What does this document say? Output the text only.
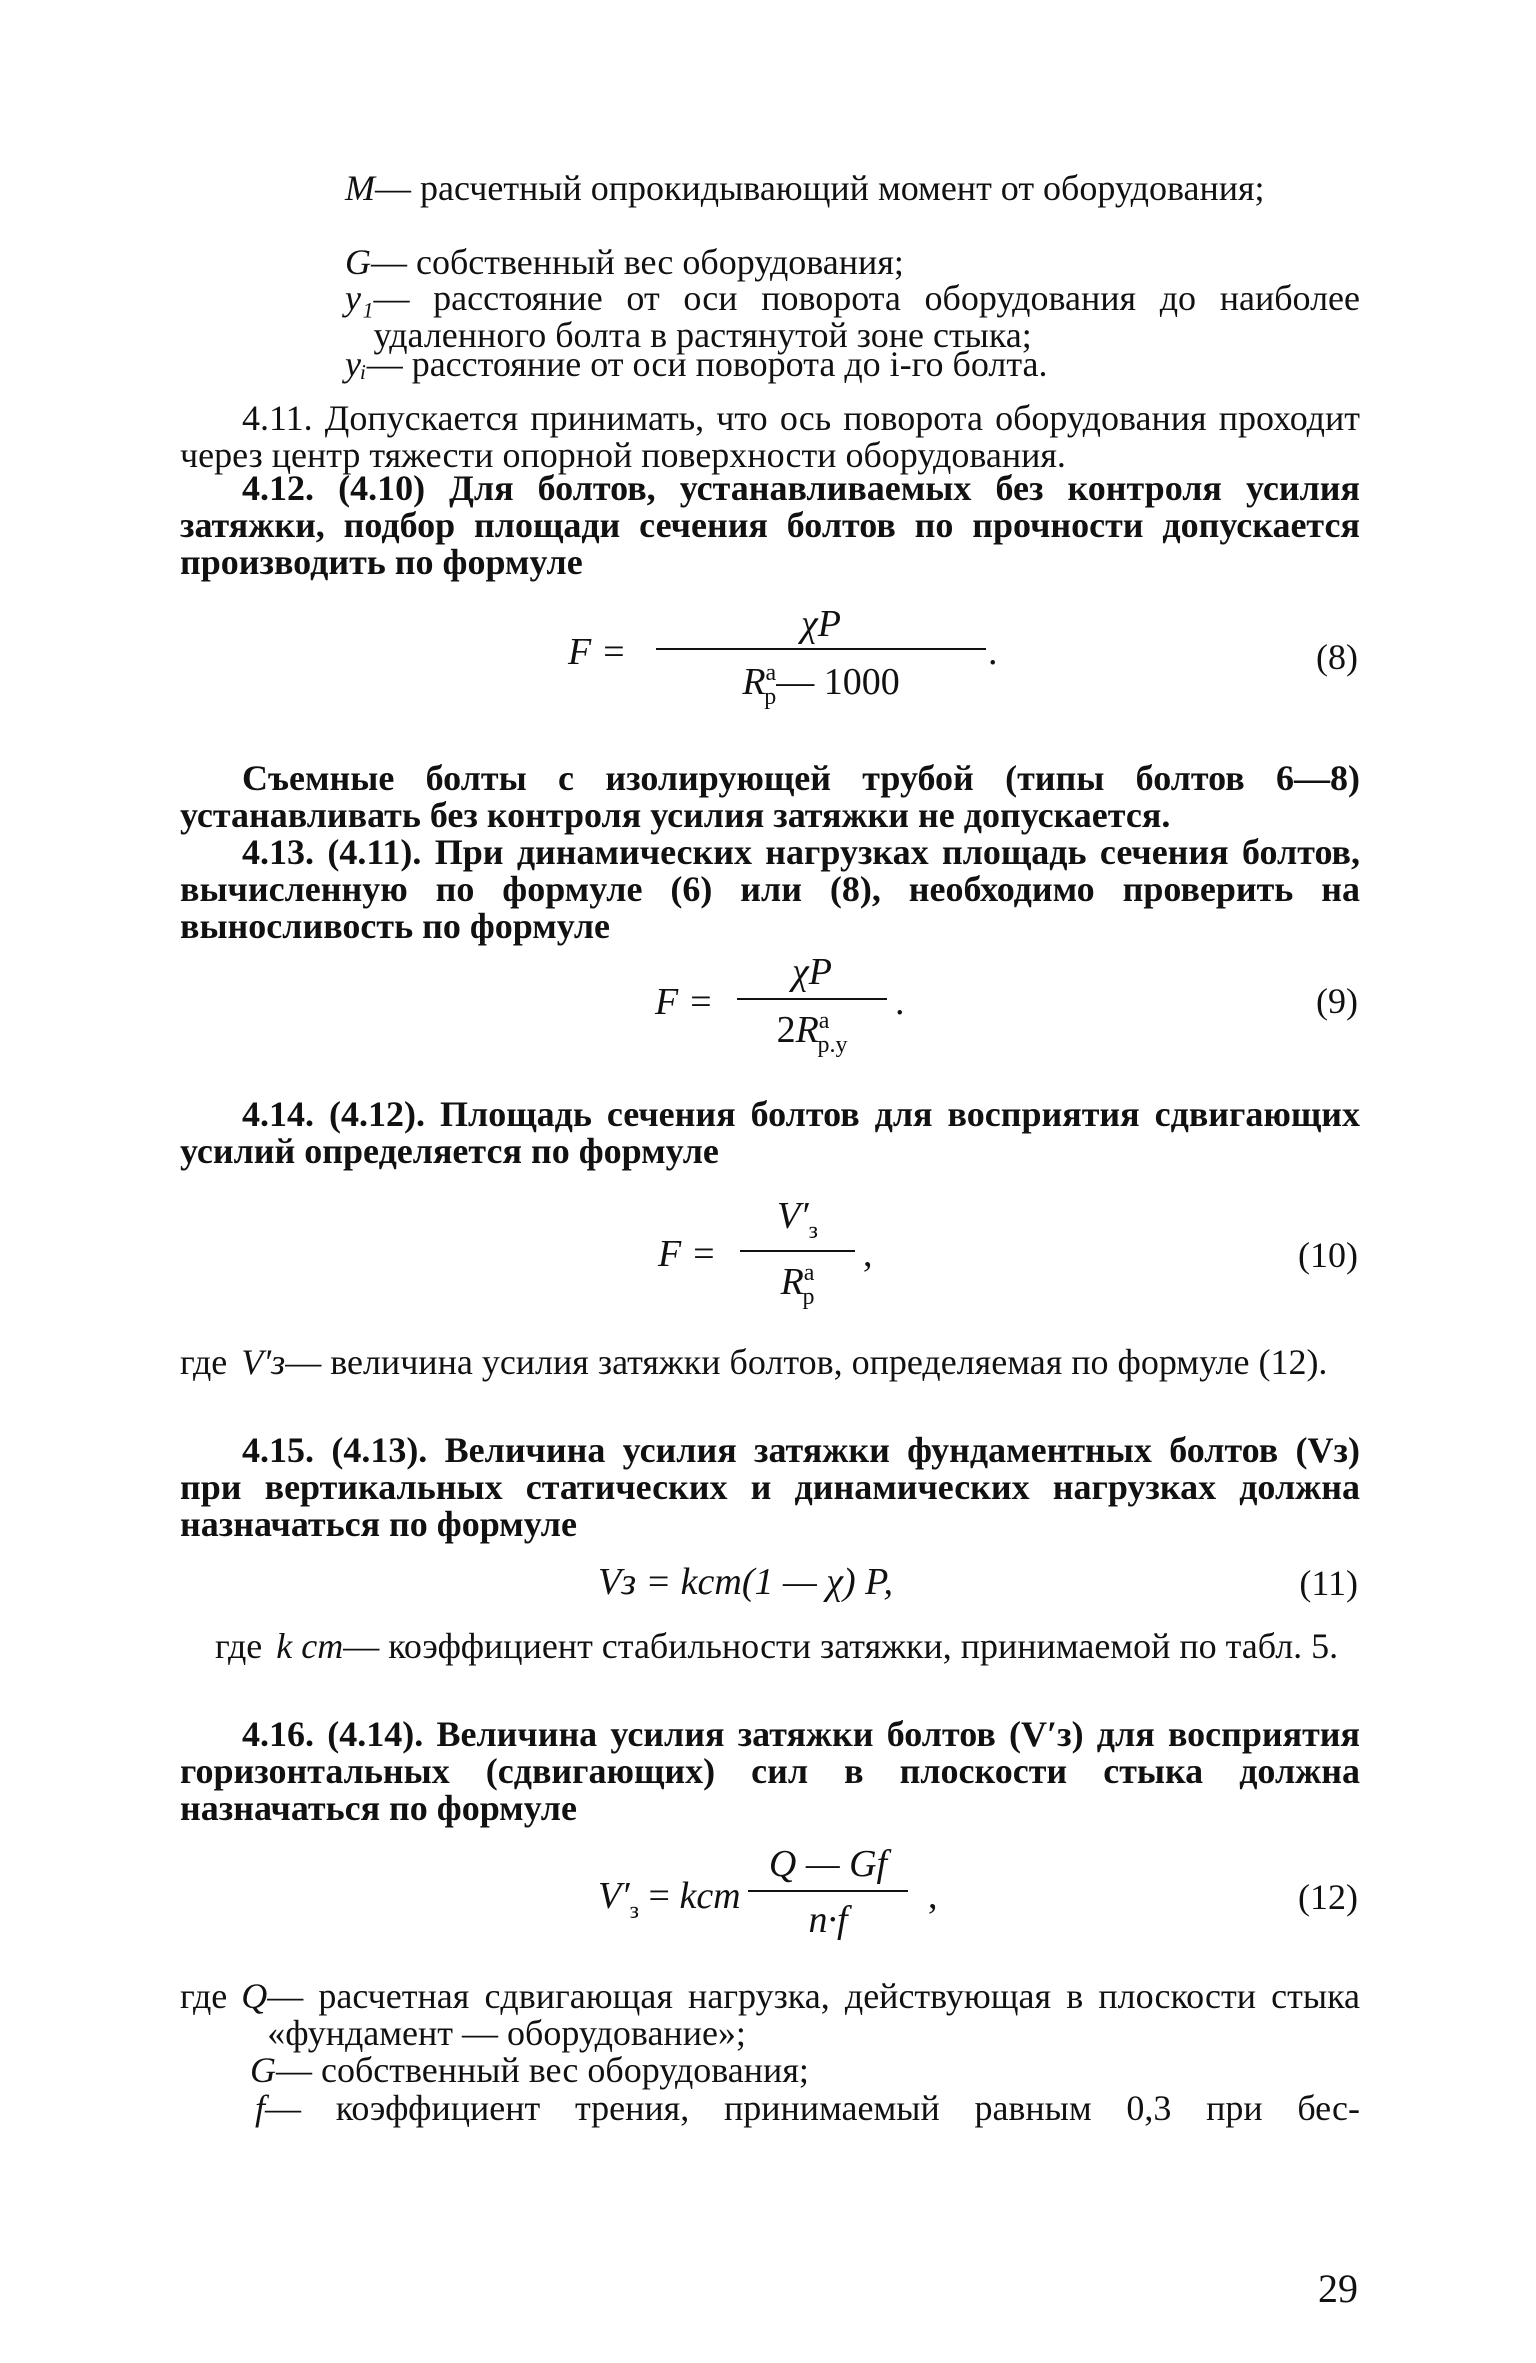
M — расчетный опрокидывающий момент от оборудования;
G — собственный вес оборудования;
y₁ — расстояние от оси поворота оборудования до наиболее удаленного болта в растянутой зоне стыка;
yᵢ — расстояние от оси поворота до i-го болта.
4.11. Допускается принимать, что ось поворота оборудования проходит через центр тяжести опорной поверхности оборудования.
4.12. (4.10) Для болтов, устанавливаемых без контроля усилия затяжки, подбор площади сечения болтов по прочности допускается производить по формуле
F =
χP
$R^а_р—$ 1000
.	(8)
Съемные болты с изолирующей трубой (типы болтов 6—8) устанавливать без контроля усилия затяжки не допускается.
4.13. (4.11). При динамических нагрузках площадь сечения болтов, вычисленную по формуле (6) или (8), необходимо проверить на выносливость по формуле
F =
χP
$2R^а_{р.у}$
.	(9)
4.14. (4.12). Площадь сечения болтов для восприятия сдвигающих усилий определяется по формуле
F =
$V'_з$
$R^а_р$
,	(10)
где V′з — величина усилия затяжки болтов, определяемая по формуле (12).
4.15. (4.13). Величина усилия затяжки фундаментных болтов (Vз) при вертикальных статических и динамических нагрузках должна назначаться по формуле
Vз = kст(1 — χ) P,	(11)
где k ст — коэффициент стабильности затяжки, принимаемой по табл. 5.
4.16. (4.14). Величина усилия затяжки болтов (V′з) для восприятия горизонтальных (сдвигающих) сил в плоскости стыка должна назначаться по формуле
$V'_з$ = kст
Q — Gf
n·f
,	(12)
где Q — расчетная сдвигающая нагрузка, действующая в плоскости стыка «фундамент — оборудование»;
G — собственный вес оборудования;
f — коэффициент трения, принимаемый равным 0,3 при бес-
29
